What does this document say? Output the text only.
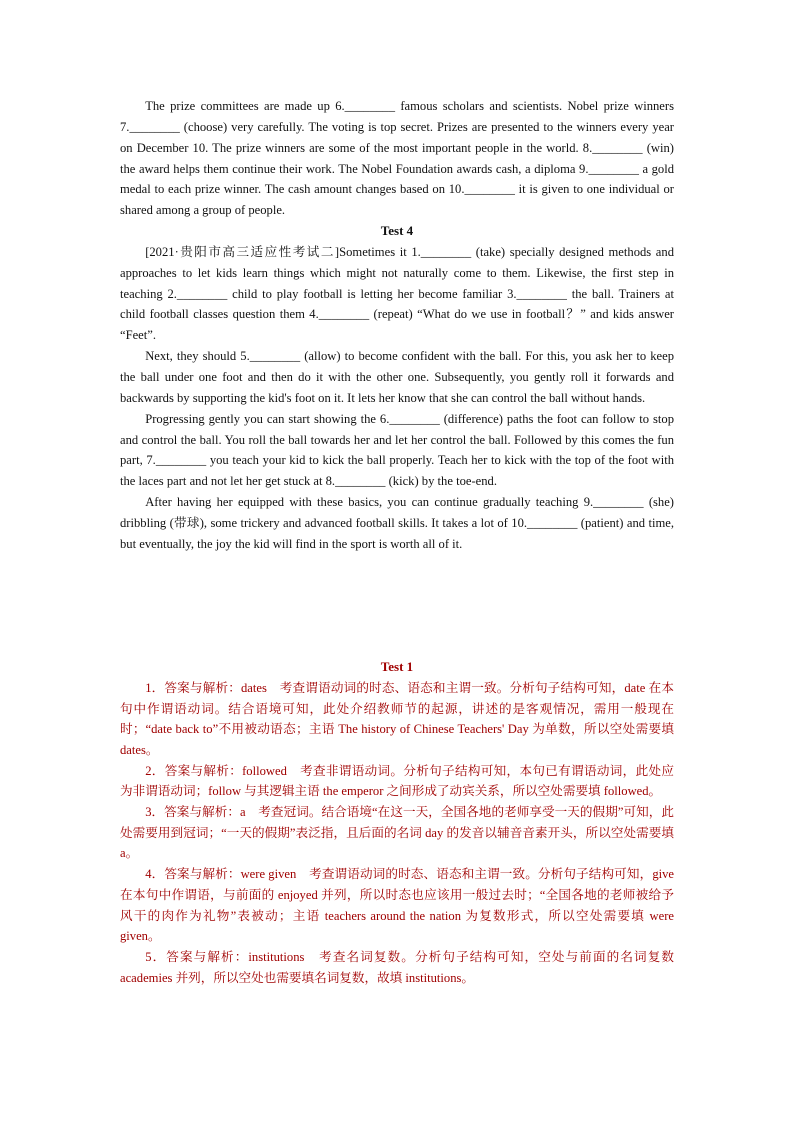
The prize committees are made up 6.________ famous scholars and scientists. Nobel prize winners 7.________ (choose) very carefully. The voting is top secret. Prizes are presented to the winners every year on December 10. The prize winners are some of the most important people in the world. 8.________ (win) the award helps them continue their work. The Nobel Foundation awards cash, a diploma 9.________ a gold medal to each prize winner. The cash amount changes based on 10.________ it is given to one individual or shared among a group of people.

Test 4

[2021·贵阳市高三适应性考试二]Sometimes it 1.________ (take) specially designed methods and approaches to let kids learn things which might not naturally come to them. Likewise, the first step in teaching 2.________ child to play football is letting her become familiar 3.________ the ball. Trainers at child football classes question them 4.________ (repeat) “What do we use in football？” and kids answer “Feet”.

Next, they should 5.________ (allow) to become confident with the ball. For this, you ask her to keep the ball under one foot and then do it with the other one. Subsequently, you gently roll it forwards and backwards by supporting the kid's foot on it. It lets her know that she can control the ball without hands.

Progressing gently you can start showing the 6.________ (difference) paths the foot can follow to stop and control the ball. You roll the ball towards her and let her control the ball. Followed by this comes the fun part, 7.________ you teach your kid to kick the ball properly. Teach her to kick with the top of the foot with the laces part and not let her get stuck at 8.________ (kick) by the toe-end.

After having her equipped with these basics, you can continue gradually teaching 9.________ (she) dribbling (带球), some trickery and advanced football skills. It takes a lot of 10.________ (patient) and time, but eventually, the joy the kid will find in the sport is worth all of it.

Test 1

1．答案与解析：dates　考查谓语动词的时态、语态和主谓一致。分析句子结构可知，date 在本句中作谓语动词。结合语境可知，此处介绍教师节的起源，讲述的是客观情况，需用一般现在时；“date back to”不用被动语态；主语 The history of Chinese Teachers' Day 为单数，所以空处需要填 dates。

2．答案与解析：followed　考查非谓语动词。分析句子结构可知，本句已有谓语动词，此处应为非谓语动词；follow 与其逻辑主语 the emperor 之间形成了动宾关系，所以空处需要填 followed。

3．答案与解析：a　考查冠词。结合语境“在这一天，全国各地的老师享受一天的假期”可知，此处需要用到冠词；“一天的假期”表泛指，且后面的名词 day 的发音以辅音音素开头，所以空处需要填 a。

4．答案与解析：were given　考查谓语动词的时态、语态和主谓一致。分析句子结构可知，give 在本句中作谓语，与前面的 enjoyed 并列，所以时态也应该用一般过去时；“全国各地的老师被给予风干的肉作为礼物”表被动；主语 teachers around the nation 为复数形式，所以空处需要填 were given。

5．答案与解析：institutions　考查名词复数。分析句子结构可知，空处与前面的名词复数 academies 并列，所以空处也需要填名词复数，故填 institutions。
